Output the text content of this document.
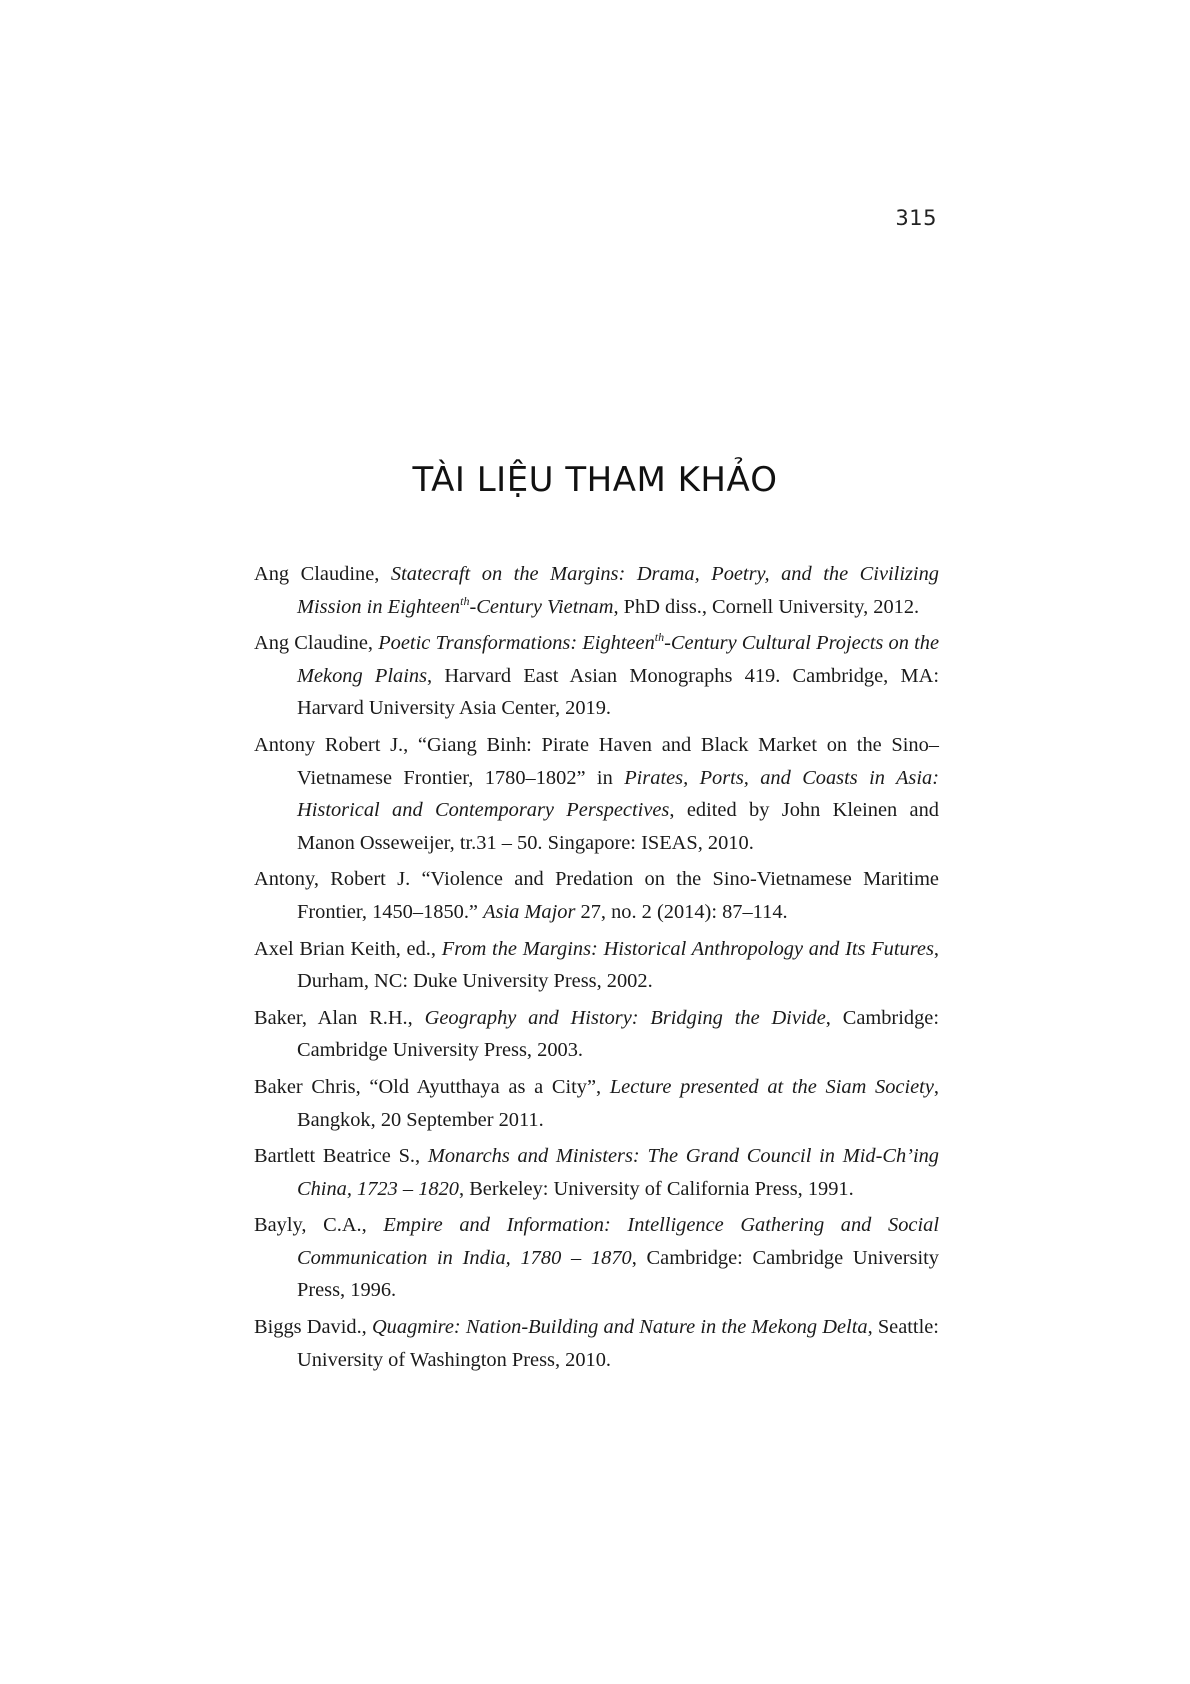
315
TÀI LIỆU THAM KHẢO
Ang Claudine, Statecraft on the Margins: Drama, Poetry, and the Civilizing Mission in Eighteen$^{th}$-Century Vietnam, PhD diss., Cornell University, 2012.
Ang Claudine, Poetic Transformations: Eighteen$^{th}$-Century Cultural Projects on the Mekong Plains, Harvard East Asian Monographs 419. Cambridge, MA: Harvard University Asia Center, 2019.
Antony Robert J., “Giang Binh: Pirate Haven and Black Market on the Sino–Vietnamese Frontier, 1780–1802” in Pirates, Ports, and Coasts in Asia: Historical and Contemporary Perspectives, edited by John Kleinen and Manon Osseweijer, tr.31 – 50. Singapore: ISEAS, 2010.
Antony, Robert J. “Violence and Predation on the Sino-Vietnamese Maritime Frontier, 1450–1850.” Asia Major 27, no. 2 (2014): 87–114.
Axel Brian Keith, ed., From the Margins: Historical Anthropology and Its Futures, Durham, NC: Duke University Press, 2002.
Baker, Alan R.H., Geography and History: Bridging the Divide, Cambridge: Cambridge University Press, 2003.
Baker Chris, “Old Ayutthaya as a City”, Lecture presented at the Siam Society, Bangkok, 20 September 2011.
Bartlett Beatrice S., Monarchs and Ministers: The Grand Council in Mid-Ch’ing China, 1723 – 1820, Berkeley: University of California Press, 1991.
Bayly, C.A., Empire and Information: Intelligence Gathering and Social Communication in India, 1780 – 1870, Cambridge: Cambridge University Press, 1996.
Biggs David., Quagmire: Nation-Building and Nature in the Mekong Delta, Seattle: University of Washington Press, 2010.
